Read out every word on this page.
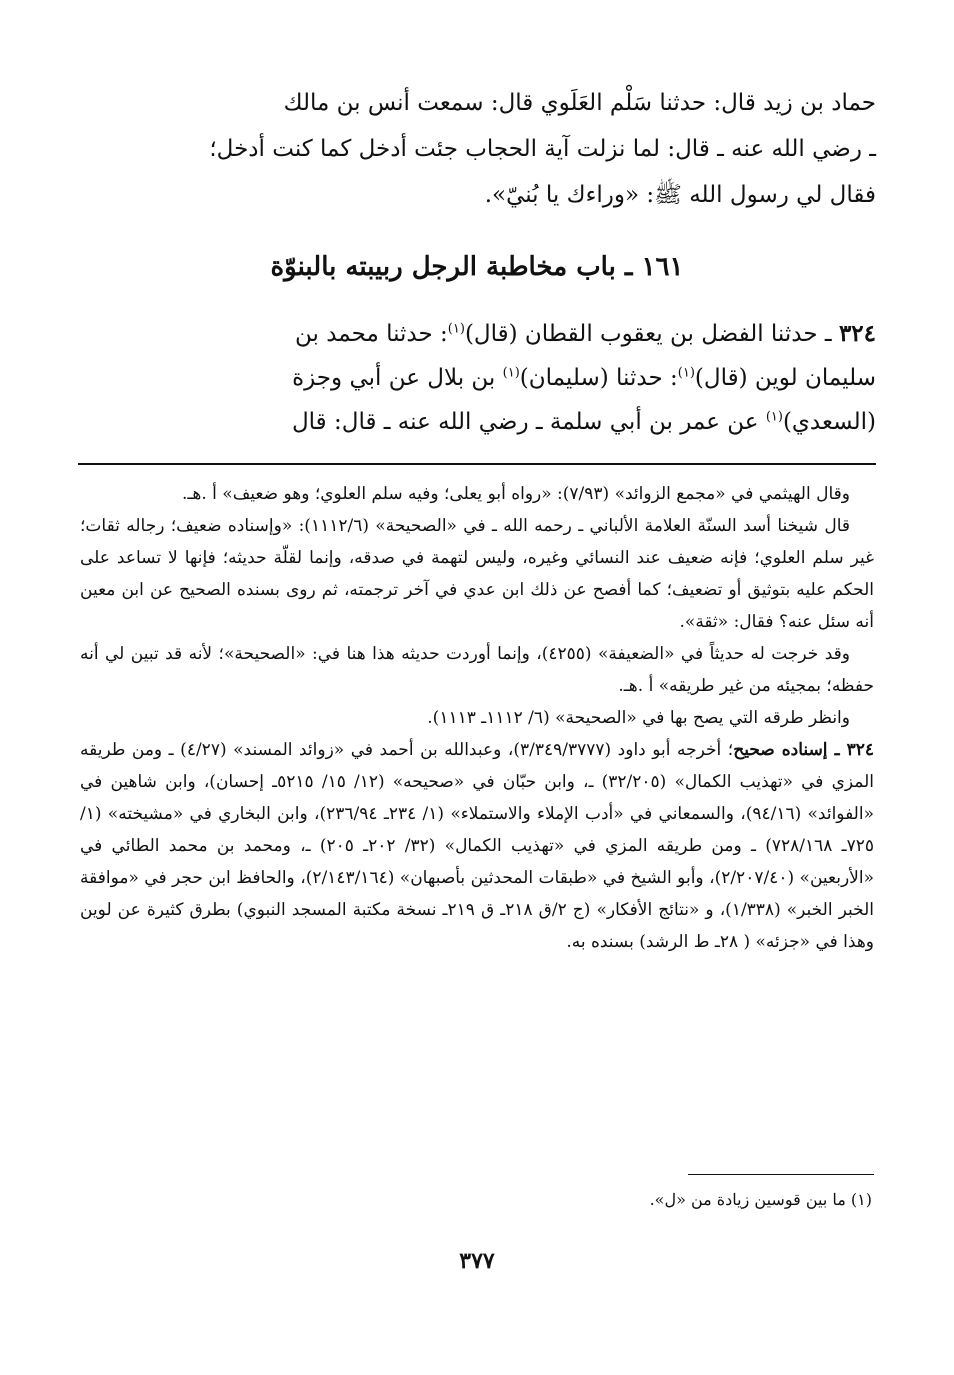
حماد بن زيد قال: حدثنا سَلْم العَلَوي قال: سمعت أنس بن مالك

ـ رضي الله عنه ـ قال: لما نزلت آية الحجاب جئت أدخل كما كنت أدخل؛

فقال لي رسول الله ﷺ: «وراءك يا بُنيّ».

١٦١ ـ باب مخاطبة الرجل ربيبته بالبنوّة

٣٢٤ ـ حدثنا الفضل بن يعقوب القطان (قال)$^{(١)}$: حدثنا محمد بن

سليمان لوين (قال)$^{(١)}$: حدثنا (سليمان)$^{(١)}$ بن بلال عن أبي وجزة

(السعدي)$^{(١)}$ عن عمر بن أبي سلمة ـ رضي الله عنه ـ قال: قال

وقال الهيثمي في «مجمع الزوائد» (٧/٩٣): «رواه أبو يعلى؛ وفيه سلم العلوي؛ وهو ضعيف» أ .هـ.

قال شيخنا أسد السنّة العلامة الألباني ـ رحمه الله ـ في «الصحيحة» (١١١٢/٦): «وإسناده ضعيف؛ رجاله ثقات؛ غير سلم العلوي؛ فإنه ضعيف عند النسائي وغيره، وليس لتهمة في صدقه، وإنما لقلّة حديثه؛ فإنها لا تساعد على الحكم عليه بتوثيق أو تضعيف؛ كما أفصح عن ذلك ابن عدي في آخر ترجمته، ثم روى بسنده الصحيح عن ابن معين أنه سئل عنه؟ فقال: «ثقة».

وقد خرجت له حديثاً في «الضعيفة» (٤٢٥٥)، وإنما أوردت حديثه هذا هنا في: «الصحيحة»؛ لأنه قد تبين لي أنه حفظه؛ بمجيئه من غير طريقه» أ .هـ.

وانظر طرقه التي يصح بها في «الصحيحة» (٦/ ١١١٢ـ ١١١٣).

٣٢٤ ـ إسناده صحيح؛ أخرجه أبو داود (٣/٣٤٩/٣٧٧٧)، وعبدالله بن أحمد في «زوائد المسند» (٤/٢٧) ـ ومن طريقه المزي في «تهذيب الكمال» (٣٢/٢٠٥) ـ، وابن حبّان في «صحيحه» (١٢/ ١٥/ ٥٢١٥ـ إحسان)، وابن شاهين في «الفوائد» (٩٤/١٦)، والسمعاني في «أدب الإملاء والاستملاء» (١/ ٢٣٤ـ ٢٣٦/٩٤)، وابن البخاري في «مشيخته» (١/ ٧٢٥ـ ٧٢٨/١٦٨) ـ ومن طريقه المزي في «تهذيب الكمال» (٣٢/ ٢٠٢ـ ٢٠٥) ـ، ومحمد بن محمد الطائي في «الأربعين» (٢/٢٠٧/٤٠)، وأبو الشيخ في «طبقات المحدثين بأصبهان» (٢/١٤٣/١٦٤)، والحافظ ابن حجر في «موافقة الخبر الخبر» (١/٣٣٨)، و «نتائج الأفكار» (ج ٢/ق ٢١٨ـ ق ٢١٩ـ نسخة مكتبة المسجد النبوي) بطرق كثيرة عن لوين وهذا في «جزئه» ( ٢٨ـ ط الرشد) بسنده به.

(١) ما بين قوسين زيادة من «ل».
٣٧٧
